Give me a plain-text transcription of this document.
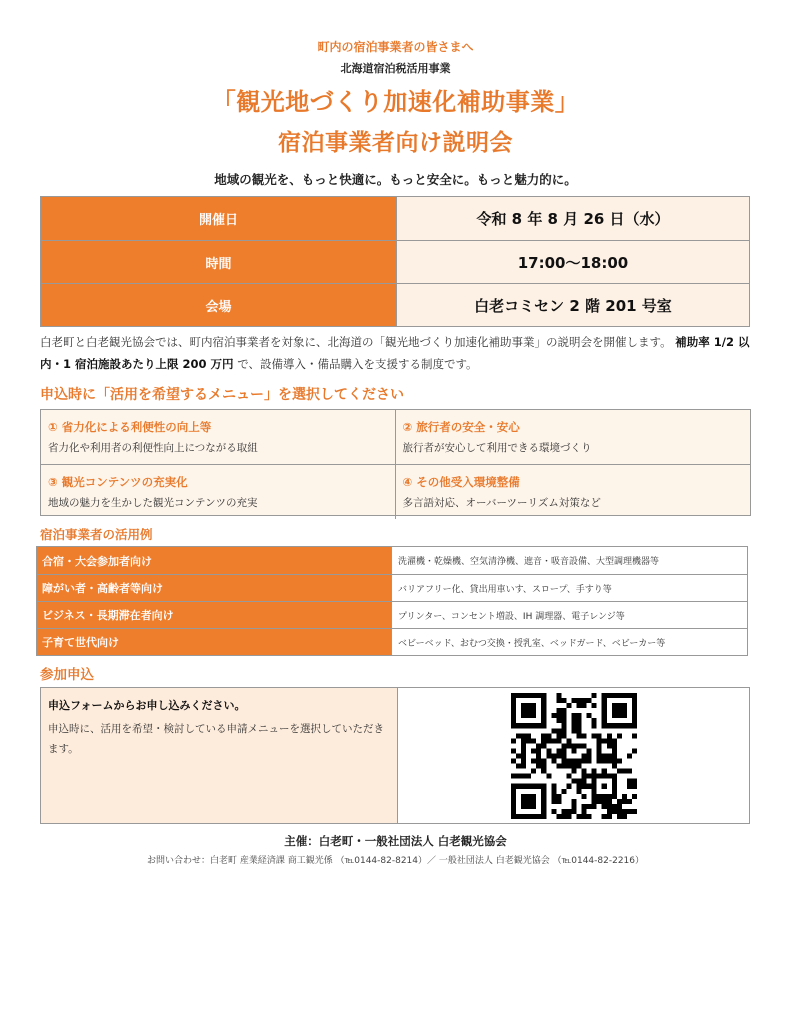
町内の宿泊事業者の皆さまへ
北海道宿泊税活用事業
「観光地づくり加速化補助事業」
宿泊事業者向け説明会
地域の観光を、もっと快適に。もっと安全に。もっと魅力的に。
開催日	令和 8 年 8 月 26 日（水）
時間	17:00〜18:00
会場	白老コミセン 2 階 201 号室
白老町と白老観光協会では、町内宿泊事業者を対象に、北海道の「観光地づくり加速化補助事業」の説明会を開催します。 補助率 1/2 以内・1 宿泊施設あたり上限 200 万円 で、設備導入・備品購入を支援する制度です。
申込時に「活用を希望するメニュー」を選択してください
① 省力化による利便性の向上等
省力化や利用者の利便性向上につながる取組
② 旅行者の安全・安心
旅行者が安心して利用できる環境づくり
③ 観光コンテンツの充実化
地域の魅力を生かした観光コンテンツの充実
④ その他受入環境整備
多言語対応、オーバーツーリズム対策など
宿泊事業者の活用例
合宿・大会参加者向け	洗濯機・乾燥機、空気清浄機、遮音・吸音設備、大型調理機器等
障がい者・高齢者等向け	バリアフリー化、貸出用車いす、スロープ、手すり等
ビジネス・長期滞在者向け	プリンター、コンセント増設、IH 調理器、電子レンジ等
子育て世代向け	ベビーベッド、おむつ交換・授乳室、ベッドガード、ベビーカー等
参加申込
申込フォームからお申し込みください。
申込時に、活用を希望・検討している申請メニューを選択していただきます。
主催：白老町・一般社団法人 白老観光協会
お問い合わせ：白老町 産業経済課 商工観光係 （℡0144-82-8214）／ 一般社団法人 白老観光協会 （℡0144-82-2216）
